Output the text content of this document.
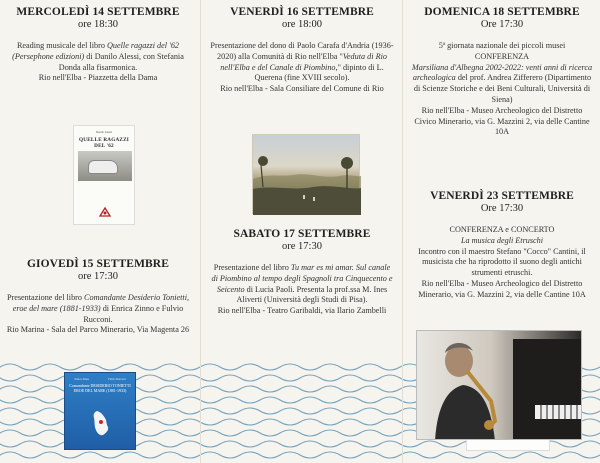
MERCOLEDÌ 14 SETTEMBRE
ore 18:30
Reading musicale del libro Quelle ragazzi del '62 (Persephone edizioni) di Danilo Alessi, con Stefania Donda alla fisarmonica.
Rio nell'Elba - Piazzetta della Dama
Danilo Alessi
QUELLE RAGAZZI DEL '62
GIOVEDÌ 15 SETTEMBRE
ore 17:30
Presentazione del libro Comandante Desiderio Tonietti, eroe del mare (1881-1933) di Enrica Zinno e Fulvio Rucconi.
Rio Marina - Sala del Parco Minerario, Via Magenta 26
Enrica Zinno	Fulvio Rucconi
Comandante DESIDERIO TONIETTI EROE DEL MARE (1881-1933)
VENERDÌ 16 SETTEMBRE
ore 18:00
Presentazione del dono di Paolo Carafa d'Andria (1936-2020) alla Comunità di Rio nell'Elba "Veduta di Rio nell'Elba e del Canale di Piombino," dipinto di L. Querena (fine XVIII secolo).
Rio nell'Elba - Sala Consiliare del Comune di Rio
SABATO 17 SETTEMBRE
ore 17:30
Presentazione del libro Tu mar es mi amar. Sul canale di Piombino al tempo degli Spagnoli tra Cinquecento e Seicento di Lucia Paoli. Presenta la prof.ssa M. Ines Aliverti (Università degli Studi di Pisa).
Rio nell'Elba - Teatro Garibaldi, via Ilario Zambelli
DOMENICA 18 SETTEMBRE
Ore 17:30
5ª giornata nazionale dei piccoli musei
CONFERENZA
Marsiliana d'Albegna 2002-2022: venti anni di ricerca archeologica del prof. Andrea Zifferero (Dipartimento di Scienze Storiche e dei Beni Culturali, Università di Siena)
Rio nell'Elba - Museo Archeologico del Distretto Civico Minerario, via G. Mazzini 2, via delle Cantine 10A
VENERDÌ 23 SETTEMBRE
Ore 17:30
CONFERENZA e CONCERTO
La musica degli Etruschi
Incontro con il maestro Stefano "Cocco" Cantini, il musicista che ha riprodotto il suono degli antichi strumenti etruschi.
Rio nell'Elba - Museo Archeologico del Distretto Minerario, via G. Mazzini 2, via delle Cantine 10A
